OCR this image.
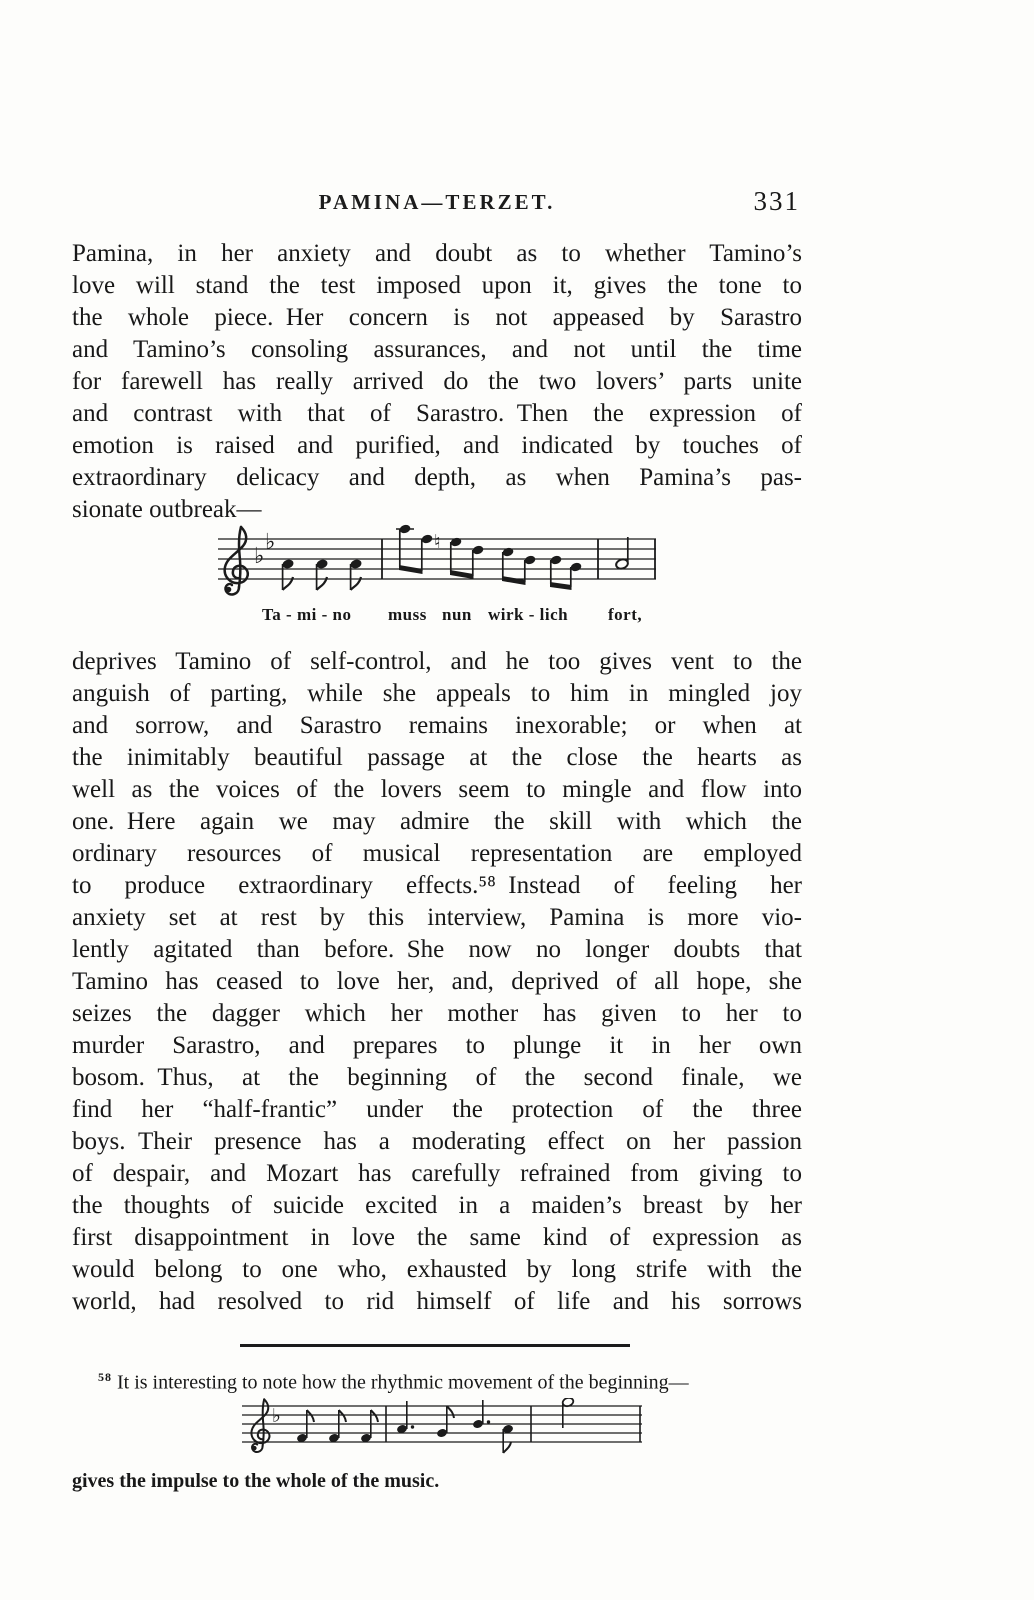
PAMINA—TERZET.	331
Pamina, in her anxiety and doubt as to whether Tamino’s
love will stand the test imposed upon it, gives the tone to
the whole piece. Her concern is not appeased by Sarastro
and Tamino’s consoling assurances, and not until the time
for farewell has really arrived do the two lovers’ parts unite
and contrast with that of Sarastro. Then the expression of
emotion is raised and purified, and indicated by touches of
extraordinary delicacy and depth, as when Pamina’s pas-
sionate outbreak—
♭
♭	♮
Ta - mi - no muss nun wirk - lich fort,
deprives Tamino of self-control, and he too gives vent to the
anguish of parting, while she appeals to him in mingled joy
and sorrow, and Sarastro remains inexorable; or when at
the inimitably beautiful passage at the close the hearts as
well as the voices of the lovers seem to mingle and flow into
one. Here again we may admire the skill with which the
ordinary resources of musical representation are employed
to produce extraordinary effects.⁵⁸ Instead of feeling her
anxiety set at rest by this interview, Pamina is more vio-
lently agitated than before. She now no longer doubts that
Tamino has ceased to love her, and, deprived of all hope, she
seizes the dagger which her mother has given to her to
murder Sarastro, and prepares to plunge it in her own
bosom. Thus, at the beginning of the second finale, we
find her “half-frantic” under the protection of the three
boys. Their presence has a moderating effect on her passion
of despair, and Mozart has carefully refrained from giving to
the thoughts of suicide excited in a maiden’s breast by her
first disappointment in love the same kind of expression as
would belong to one who, exhausted by long strife with the
world, had resolved to rid himself of life and his sorrows

$^{58}$ It is interesting to note how the rhythmic movement of the beginning—

♭

gives the impulse to the whole of the music.
